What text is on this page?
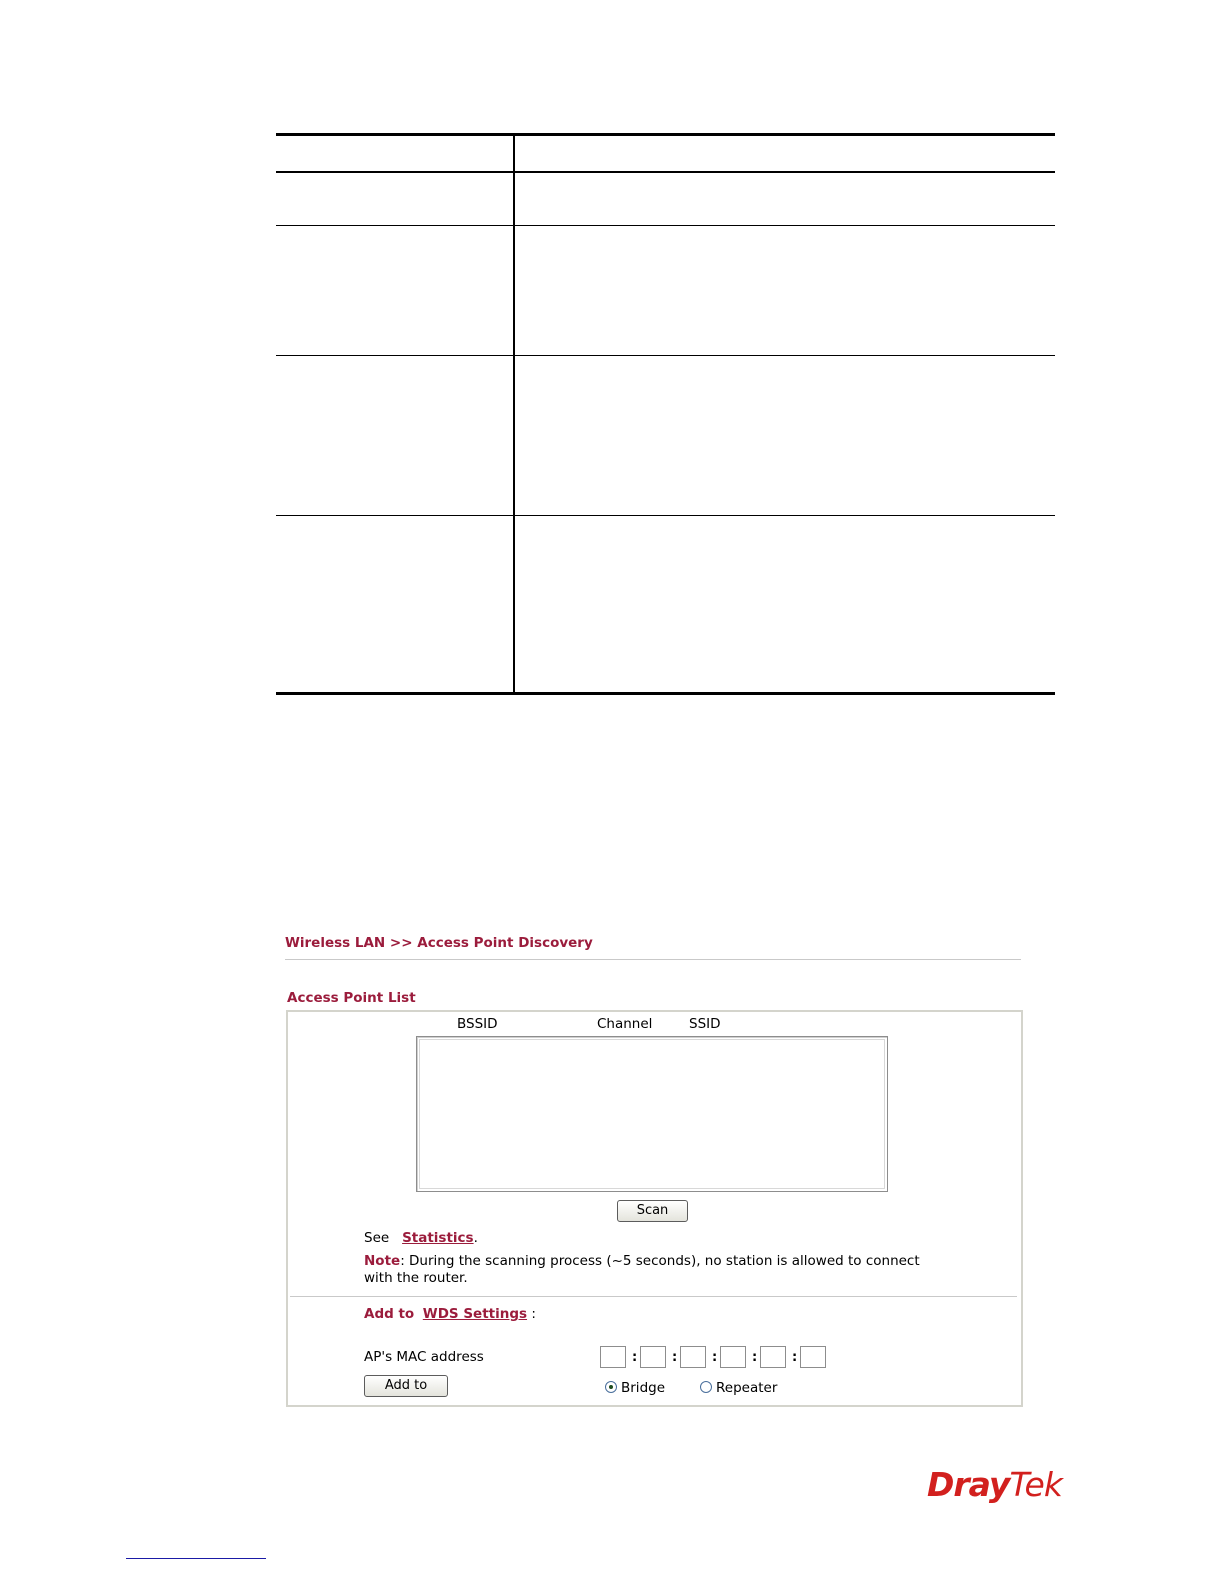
Wireless LAN >> Access Point Discovery
Access Point List
BSSID	Channel	SSID
Scan
See Statistics.
Note: During the scanning process (~5 seconds), no station is allowed to connect
with the router.
Add to WDS Settings :
AP's MAC address	:	:	:	:	:
Add to	Bridge	Repeater
DrayTek
